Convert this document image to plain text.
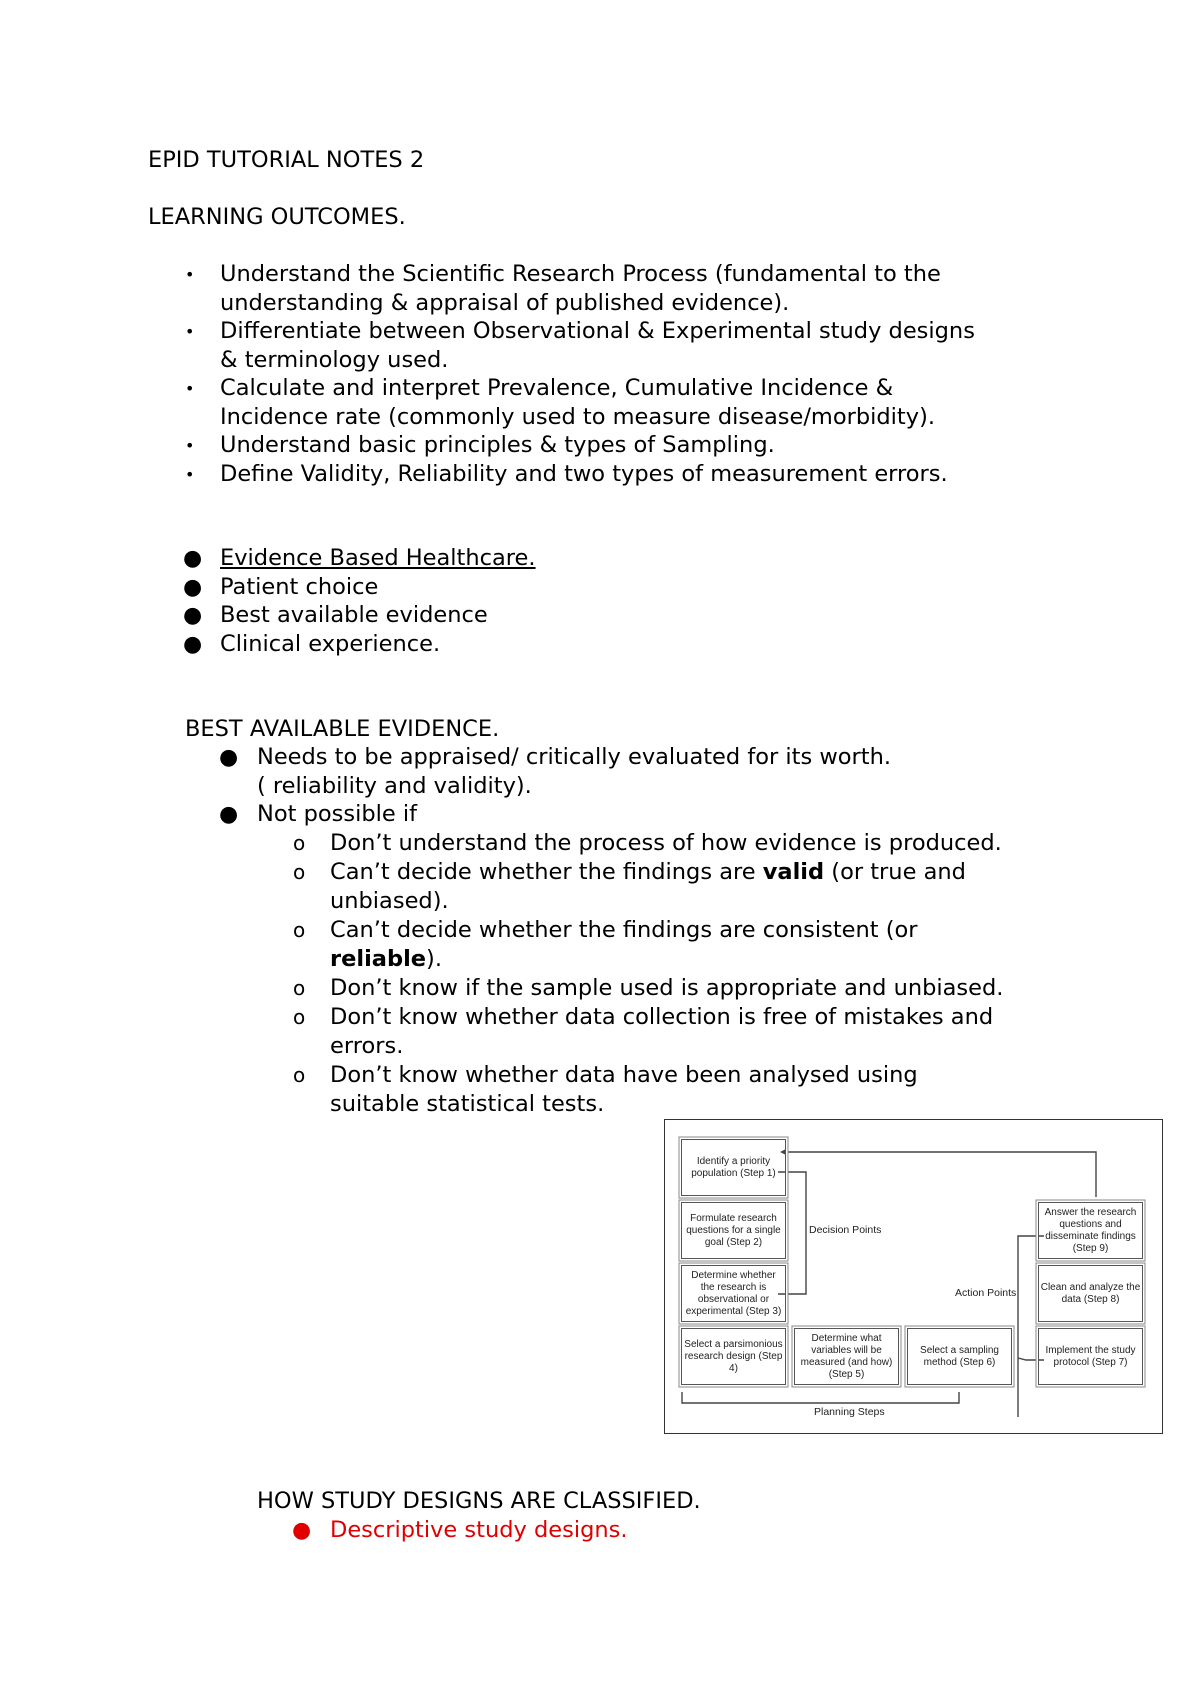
EPID TUTORIAL NOTES 2
LEARNING OUTCOMES.
• Understand the Scientific Research Process (fundamental to the
understanding & appraisal of published evidence).
• Differentiate between Observational & Experimental study designs
& terminology used.
• Calculate and interpret Prevalence, Cumulative Incidence &
Incidence rate (commonly used to measure disease/morbidity).
• Understand basic principles & types of Sampling.
• Define Validity, Reliability and two types of measurement errors.
● Evidence Based Healthcare.
● Patient choice
● Best available evidence
● Clinical experience.
BEST AVAILABLE EVIDENCE.
● Needs to be appraised/ critically evaluated for its worth.
( reliability and validity).
● Not possible if
o Don’t understand the process of how evidence is produced.
o Can’t decide whether the findings are valid (or true and
unbiased).
o Can’t decide whether the findings are consistent (or
reliable).
o Don’t know if the sample used is appropriate and unbiased.
o Don’t know whether data collection is free of mistakes and
errors.
o Don’t know whether data have been analysed using
suitable statistical tests.
Identify a priority population (Step 1)
Formulate research questions for a single goal (Step 2)
Determine whether the research is observational or experimental (Step 3)
Select a parsimonious research design (Step 4)
Determine what variables will be measured (and how) (Step 5)
Select a sampling method (Step 6)
Implement the study protocol (Step 7)
Clean and analyze the data (Step 8)
Answer the research questions and disseminate findings (Step 9)
Decision Points
Action Points
Planning Steps
HOW STUDY DESIGNS ARE CLASSIFIED.
● Descriptive study designs.
